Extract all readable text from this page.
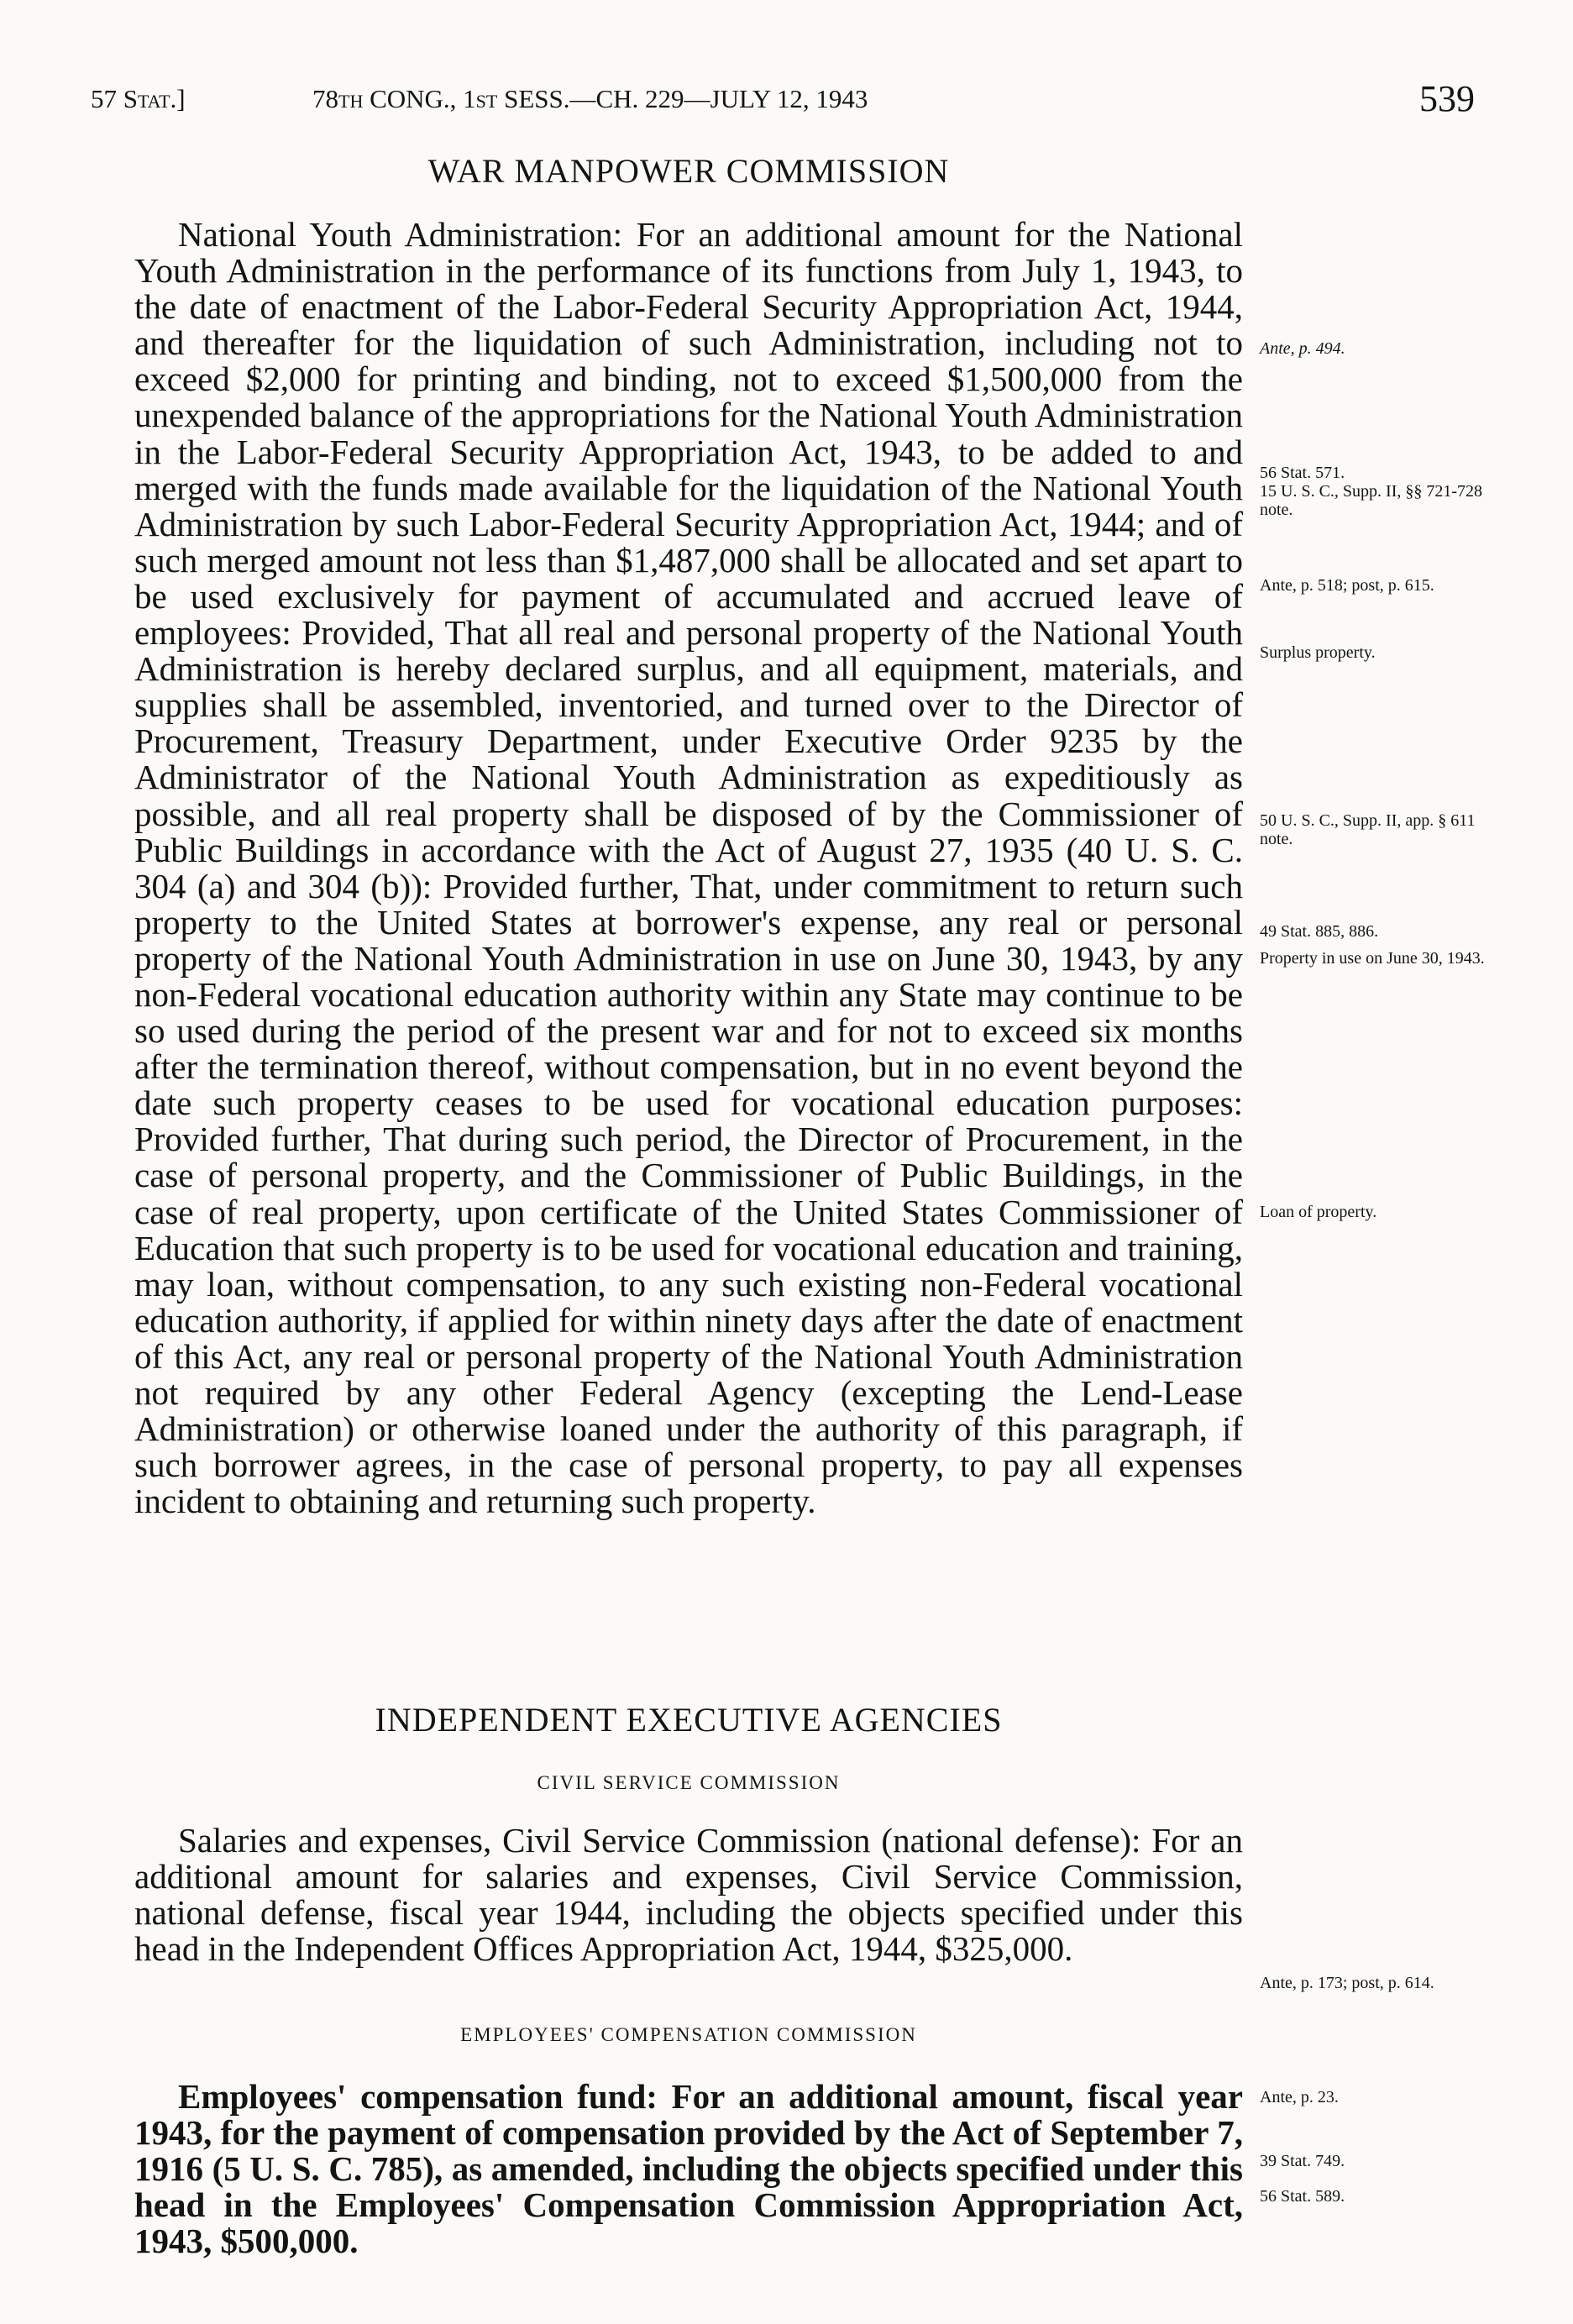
57 Stat.]	78th CONG., 1st SESS.—CH. 229—JULY 12, 1943	539
WAR MANPOWER COMMISSION

National Youth Administration: For an additional amount for the National Youth Administration in the performance of its functions from July 1, 1943, to the date of enactment of the Labor-Federal Security Appropriation Act, 1944, and thereafter for the liquidation of such Administration, including not to exceed $2,000 for printing and binding, not to exceed $1,500,000 from the unexpended balance of the appropriations for the National Youth Administration in the Labor-Federal Security Appropriation Act, 1943, to be added to and merged with the funds made available for the liquidation of the National Youth Administration by such Labor-Federal Security Appropriation Act, 1944; and of such merged amount not less than $1,487,000 shall be allocated and set apart to be used exclusively for payment of accumulated and accrued leave of employees: Provided, That all real and personal property of the National Youth Administration is hereby declared surplus, and all equipment, materials, and supplies shall be assembled, inventoried, and turned over to the Director of Procurement, Treasury Department, under Executive Order 9235 by the Administrator of the National Youth Administration as expeditiously as possible, and all real property shall be disposed of by the Commissioner of Public Buildings in accordance with the Act of August 27, 1935 (40 U. S. C. 304 (a) and 304 (b)): Provided further, That, under commitment to return such property to the United States at borrower's expense, any real or personal property of the National Youth Administration in use on June 30, 1943, by any non-Federal vocational education authority within any State may continue to be so used during the period of the present war and for not to exceed six months after the termination thereof, without compensation, but in no event beyond the date such property ceases to be used for vocational education purposes: Provided further, That during such period, the Director of Procurement, in the case of personal property, and the Commissioner of Public Buildings, in the case of real property, upon certificate of the United States Commissioner of Education that such property is to be used for vocational education and training, may loan, without compensation, to any such existing non-Federal vocational education authority, if applied for within ninety days after the date of enactment of this Act, any real or personal property of the National Youth Administration not required by any other Federal Agency (excepting the Lend-Lease Administration) or otherwise loaned under the authority of this paragraph, if such borrower agrees, in the case of personal property, to pay all expenses incident to obtaining and returning such property.

INDEPENDENT EXECUTIVE AGENCIES
CIVIL SERVICE COMMISSION

Salaries and expenses, Civil Service Commission (national defense): For an additional amount for salaries and expenses, Civil Service Commission, national defense, fiscal year 1944, including the objects specified under this head in the Independent Offices Appropriation Act, 1944, $325,000.

EMPLOYEES' COMPENSATION COMMISSION

Employees' compensation fund: For an additional amount, fiscal year 1943, for the payment of compensation provided by the Act of September 7, 1916 (5 U. S. C. 785), as amended, including the objects specified under this head in the Employees' Compensation Commission Appropriation Act, 1943, $500,000.

Ante, p. 494.
56 Stat. 571.
15 U. S. C., Supp. II, §§ 721-728 note.
Ante, p. 518; post, p. 615.
Surplus property.
50 U. S. C., Supp. II, app. § 611 note.
49 Stat. 885, 886.
Property in use on June 30, 1943.
Loan of property.
Ante, p. 173; post, p. 614.
Ante, p. 23.
39 Stat. 749.
56 Stat. 589.
